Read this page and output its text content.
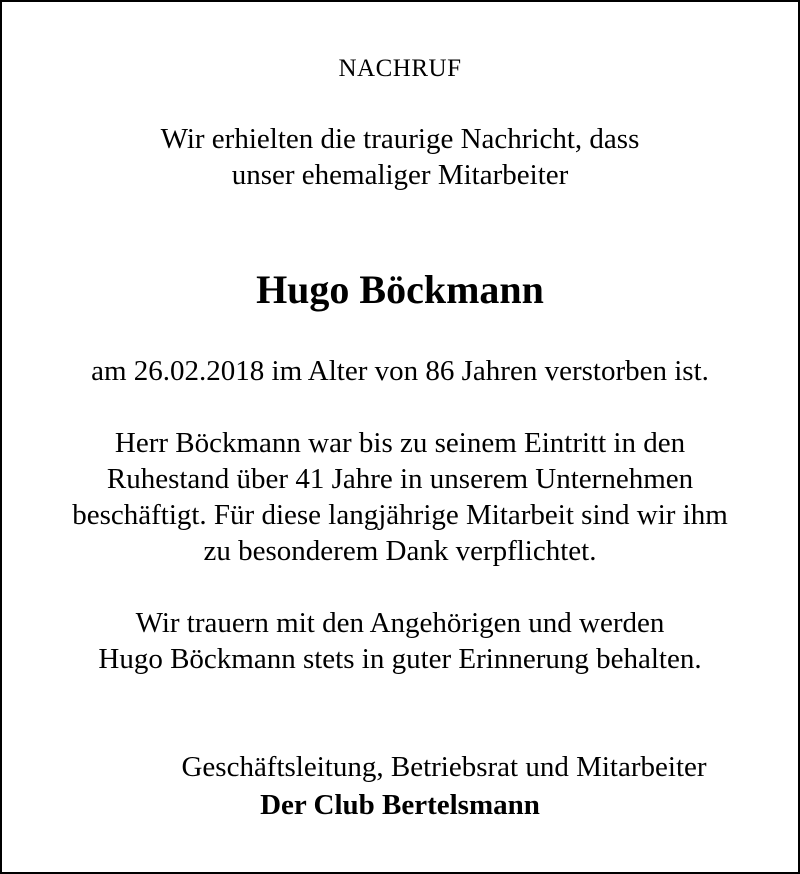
NACHRUF
Wir erhielten die traurige Nachricht, dass
unser ehemaliger Mitarbeiter
Hugo Böckmann
am 26.02.2018 im Alter von 86 Jahren verstorben ist.
Herr Böckmann war bis zu seinem Eintritt in den
Ruhestand über 41 Jahre in unserem Unternehmen
beschäftigt. Für diese langjährige Mitarbeit sind wir ihm
zu besonderem Dank verpflichtet.
Wir trauern mit den Angehörigen und werden
Hugo Böckmann stets in guter Erinnerung behalten.
Geschäftsleitung, Betriebsrat und Mitarbeiter
Der Club Bertelsmann
